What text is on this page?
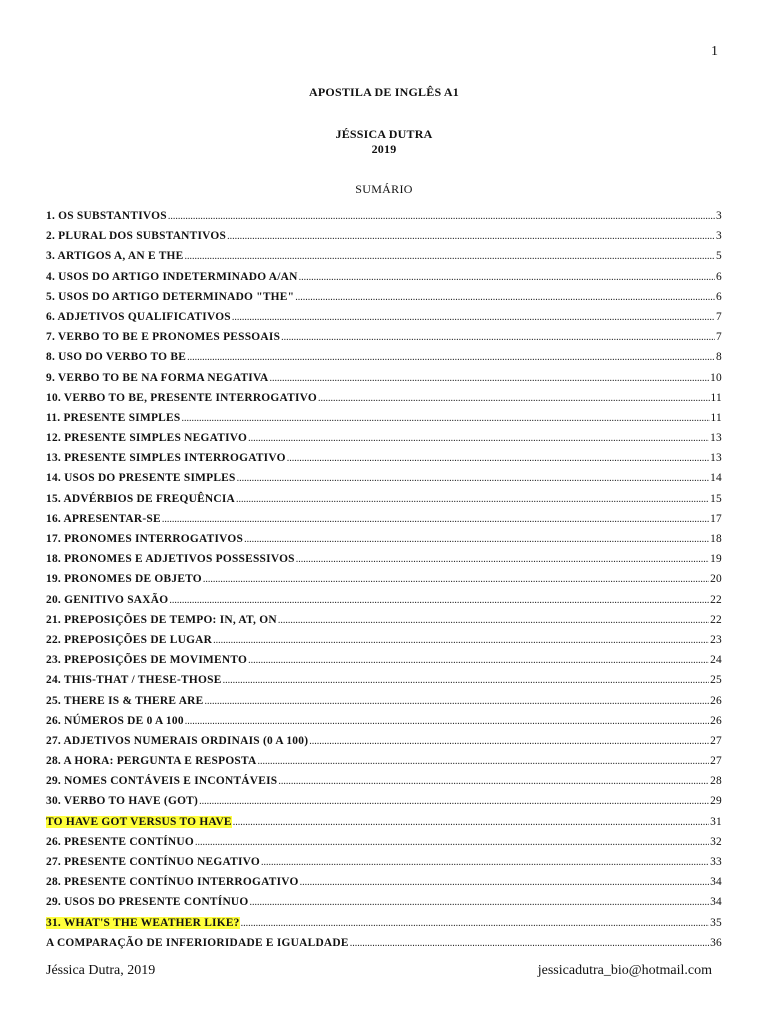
1
APOSTILA DE INGLÊS A1
JÉSSICA DUTRA
2019
SUMÁRIO
1. OS SUBSTANTIVOS .....	3
2. PLURAL DOS SUBSTANTIVOS .....	3
3. ARTIGOS A, AN E THE .....	5
4. USOS DO ARTIGO INDETERMINADO A/AN .....	6
5. USOS DO ARTIGO DETERMINADO "THE" .....	6
6. ADJETIVOS QUALIFICATIVOS .....	7
7. VERBO TO BE E PRONOMES PESSOAIS .....	7
8. USO DO VERBO TO BE .....	8
9. VERBO TO BE NA FORMA NEGATIVA .....	10
10. VERBO TO BE, PRESENTE INTERROGATIVO .....	11
11. PRESENTE SIMPLES .....	11
12. PRESENTE SIMPLES NEGATIVO .....	13
13. PRESENTE SIMPLES INTERROGATIVO .....	13
14. USOS DO PRESENTE SIMPLES .....	14
15. ADVÉRBIOS DE FREQUÊNCIA .....	15
16. APRESENTAR-SE .....	17
17. PRONOMES INTERROGATIVOS .....	18
18. PRONOMES E ADJETIVOS POSSESSIVOS .....	19
19. PRONOMES DE OBJETO .....	20
20. GENITIVO SAXÃO .....	22
21. PREPOSIÇÕES DE TEMPO: IN, AT, ON .....	22
22. PREPOSIÇÕES DE LUGAR .....	23
23. PREPOSIÇÕES DE MOVIMENTO .....	24
24. THIS-THAT / THESE-THOSE .....	25
25. THERE IS & THERE ARE .....	26
26. NÚMEROS DE 0 A 100 .....	26
27. ADJETIVOS NUMERAIS ORDINAIS (0 A 100) .....	27
28. A HORA: PERGUNTA E RESPOSTA .....	27
29. NOMES CONTÁVEIS E INCONTÁVEIS .....	28
30. VERBO TO HAVE (GOT) .....	29
TO HAVE GOT VERSUS TO HAVE .....	31
26. PRESENTE CONTÍNUO .....	32
27. PRESENTE CONTÍNUO NEGATIVO .....	33
28. PRESENTE CONTÍNUO INTERROGATIVO .....	34
29. USOS DO PRESENTE CONTÍNUO .....	34
31. WHAT'S THE WEATHER LIKE? .....	35
A COMPARAÇÃO DE INFERIORIDADE E IGUALDADE .....	36
Jéssica Dutra, 2019	jessicadutra_bio@hotmail.com
